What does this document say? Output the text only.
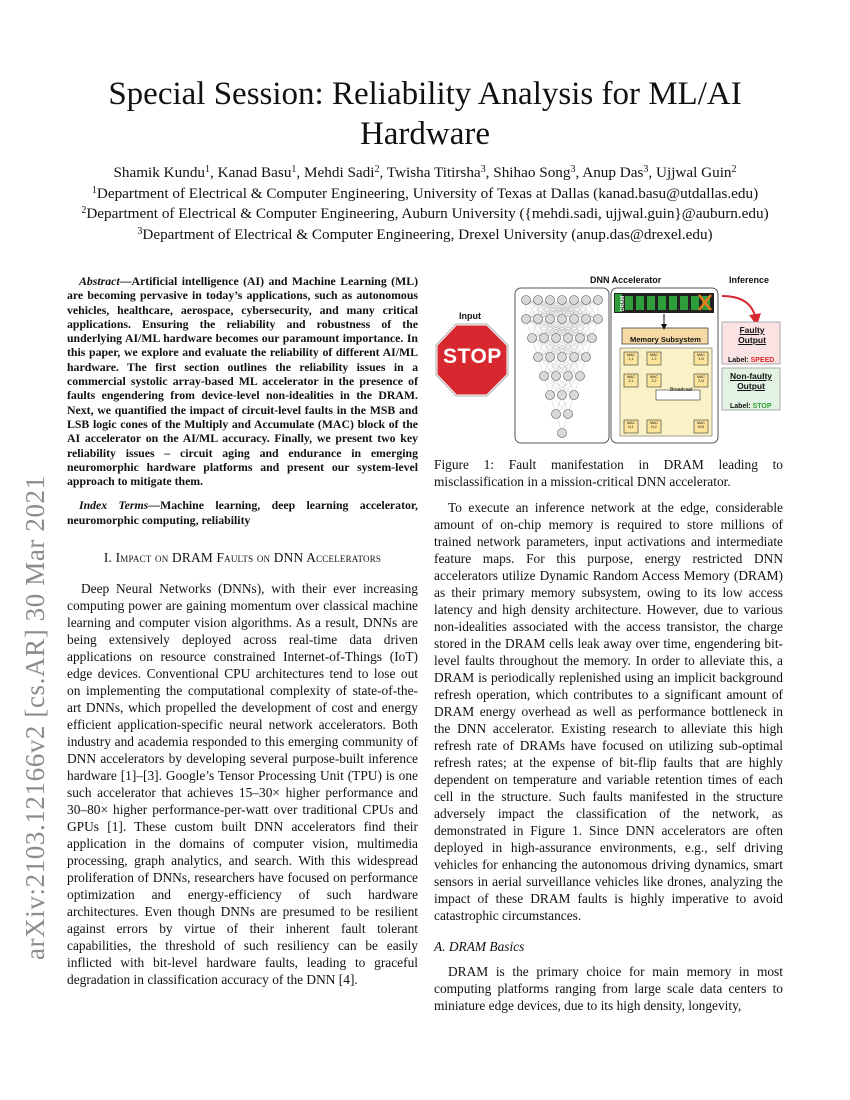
arXiv:2103.12166v2 [cs.AR] 30 Mar 2021
Special Session: Reliability Analysis for ML/AI Hardware
Shamik Kundu$^1$, Kanad Basu$^1$, Mehdi Sadi$^2$, Twisha Titirsha$^3$, Shihao Song$^3$, Anup Das$^3$, Ujjwal Guin$^2$
$^1$Department of Electrical & Computer Engineering, University of Texas at Dallas (kanad.basu@utdallas.edu)
$^2$Department of Electrical & Computer Engineering, Auburn University ({mehdi.sadi, ujjwal.guin}@auburn.edu)
$^3$Department of Electrical & Computer Engineering, Drexel University (anup.das@drexel.edu)

Abstract—Artificial intelligence (AI) and Machine Learning (ML) are becoming pervasive in today’s applications, such as autonomous vehicles, healthcare, aerospace, cybersecurity, and many critical applications. Ensuring the reliability and robustness of the underlying AI/ML hardware becomes our paramount importance. In this paper, we explore and evaluate the reliability of different AI/ML hardware. The first section outlines the reliability issues in a commercial systolic array-based ML accelerator in the presence of faults engendering from device-level non-idealities in the DRAM. Next, we quantified the impact of circuit-level faults in the MSB and LSB logic cones of the Multiply and Accumulate (MAC) block of the AI accelerator on the AI/ML accuracy. Finally, we present two key reliability issues – circuit aging and endurance in emerging neuromorphic hardware platforms and present our system-level approach to mitigate them.

Index Terms—Machine learning, deep learning accelerator, neuromorphic computing, reliability

I. Impact on DRAM Faults on DNN Accelerators

Deep Neural Networks (DNNs), with their ever increasing computing power are gaining momentum over classical machine learning and computer vision algorithms. As a result, DNNs are being extensively deployed across real-time data driven applications on resource constrained Internet-of-Things (IoT) edge devices. Conventional CPU architectures tend to lose out on implementing the computational complexity of state-of-the-art DNNs, which propelled the development of cost and energy efficient application-specific neural network accelerators. Both industry and academia responded to this emerging community of DNN accelerators by developing several purpose-built inference hardware [1]–[3]. Google’s Tensor Processing Unit (TPU) is one such accelerator that achieves 15–30× higher performance and 30–80× higher performance-per-watt over traditional CPUs and GPUs [1]. These custom built DNN accelerators find their application in the domains of computer vision, multimedia processing, graph analytics, and search. With this widespread proliferation of DNNs, researchers have focused on performance optimization and energy-efficiency of such hardware architectures. Even though DNNs are presumed to be resilient against errors by virtue of their inherent fault tolerant capabilities, the threshold of such resiliency can be easily inflicted with bit-level hardware faults, leading to graceful degradation in classification accuracy of the DNN [4].

DNN Accelerator	Inference
Input
STOP
Memory Subsystem
DRAM
Broadcast
Faulty Output
Label: SPEED
Non-faulty Output
Label: STOP
MAC
1,1
MAC
1,2
MAC
1,N
MAC
2,1
MAC
2,2
MAC
2,N
MAC
N,1
MAC
N,2
MAC
N,N
Figure 1: Fault manifestation in DRAM leading to misclassification in a mission-critical DNN accelerator.

To execute an inference network at the edge, considerable amount of on-chip memory is required to store millions of trained network parameters, input activations and intermediate feature maps. For this purpose, energy restricted DNN accelerators utilize Dynamic Random Access Memory (DRAM) as their primary memory subsystem, owing to its low access latency and high density architecture. However, due to various non-idealities associated with the access transistor, the charge stored in the DRAM cells leak away over time, engendering bit-level faults throughout the memory. In order to alleviate this, a DRAM is periodically replenished using an implicit background refresh operation, which contributes to a significant amount of DRAM energy overhead as well as performance bottleneck in the DNN accelerator. Existing research to alleviate this high refresh rate of DRAMs have focused on utilizing sub-optimal refresh rates; at the expense of bit-flip faults that are highly dependent on temperature and variable retention times of each cell in the structure. Such faults manifested in the structure adversely impact the classification of the network, as demonstrated in Figure 1. Since DNN accelerators are often deployed in high-assurance environments, e.g., self driving vehicles for enhancing the autonomous driving dynamics, smart sensors in aerial surveillance vehicles like drones, analyzing the impact of these DRAM faults is highly imperative to avoid catastrophic circumstances.

A. DRAM Basics

DRAM is the primary choice for main memory in most computing platforms ranging from large scale data centers to miniature edge devices, due to its high density, longevity,
